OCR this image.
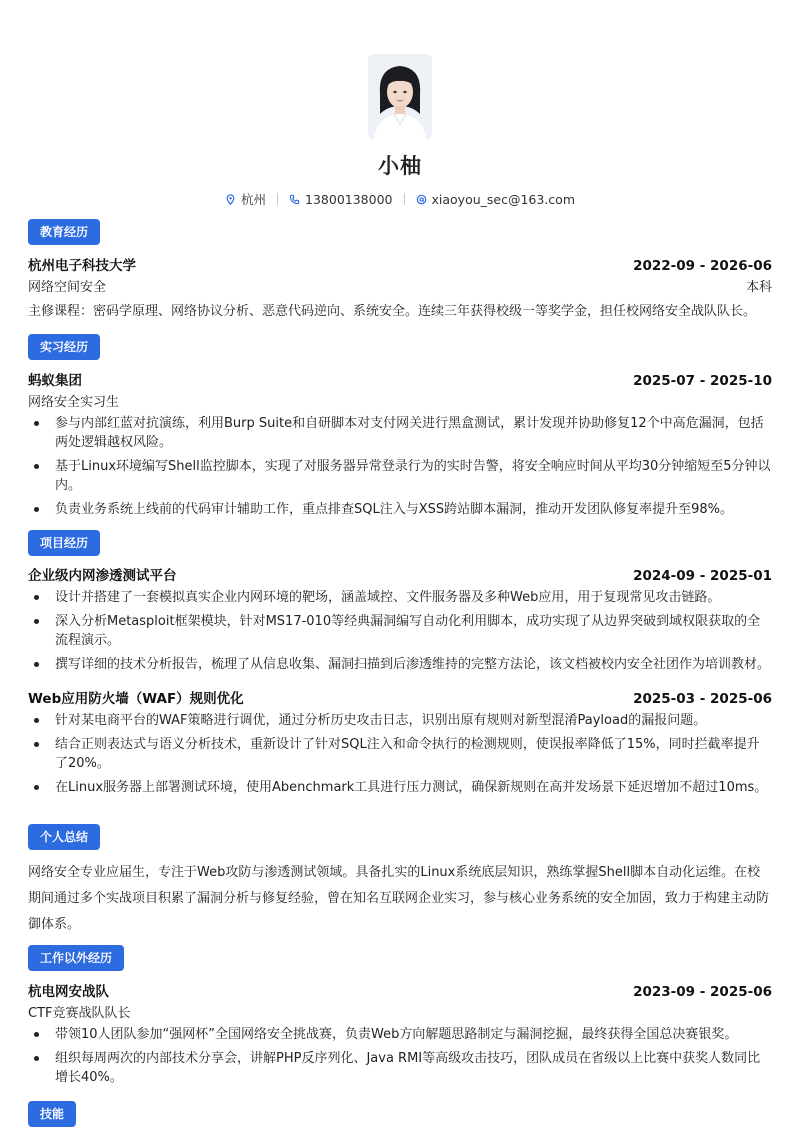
小柚
杭州	13800138000	xiaoyou_sec@163.com
教育经历
杭州电子科技大学	2022-09 - 2026-06
网络空间安全	本科
主修课程：密码学原理、网络协议分析、恶意代码逆向、系统安全。连续三年获得校级一等奖学金，担任校网络安全战队队长。
实习经历
蚂蚁集团	2025-07 - 2025-10
网络安全实习生
参与内部红蓝对抗演练，利用Burp Suite和自研脚本对支付网关进行黑盒测试，累计发现并协助修复12个中高危漏洞，包括两处逻辑越权风险。
基于Linux环境编写Shell监控脚本，实现了对服务器异常登录行为的实时告警，将安全响应时间从平均30分钟缩短至5分钟以内。
负责业务系统上线前的代码审计辅助工作，重点排查SQL注入与XSS跨站脚本漏洞，推动开发团队修复率提升至98%。
项目经历
企业级内网渗透测试平台	2024-09 - 2025-01
设计并搭建了一套模拟真实企业内网环境的靶场，涵盖域控、文件服务器及多种Web应用，用于复现常见攻击链路。
深入分析Metasploit框架模块，针对MS17-010等经典漏洞编写自动化利用脚本，成功实现了从边界突破到域权限获取的全流程演示。
撰写详细的技术分析报告，梳理了从信息收集、漏洞扫描到后渗透维持的完整方法论，该文档被校内安全社团作为培训教材。
Web应用防火墙（WAF）规则优化	2025-03 - 2025-06
针对某电商平台的WAF策略进行调优，通过分析历史攻击日志，识别出原有规则对新型混淆Payload的漏报问题。
结合正则表达式与语义分析技术，重新设计了针对SQL注入和命令执行的检测规则，使误报率降低了15%，同时拦截率提升了20%。
在Linux服务器上部署测试环境，使用Abenchmark工具进行压力测试，确保新规则在高并发场景下延迟增加不超过10ms。
个人总结
网络安全专业应届生，专注于Web攻防与渗透测试领域。具备扎实的Linux系统底层知识，熟练掌握Shell脚本自动化运维。在校期间通过多个实战项目积累了漏洞分析与修复经验，曾在知名互联网企业实习，参与核心业务系统的安全加固，致力于构建主动防御体系。
工作以外经历
杭电网安战队	2023-09 - 2025-06
CTF竞赛战队队长
带领10人团队参加“强网杯”全国网络安全挑战赛，负责Web方向解题思路制定与漏洞挖掘，最终获得全国总决赛银奖。
组织每周两次的内部技术分享会，讲解PHP反序列化、Java RMI等高级攻击技巧，团队成员在省级以上比赛中获奖人数同比增长40%。
技能
